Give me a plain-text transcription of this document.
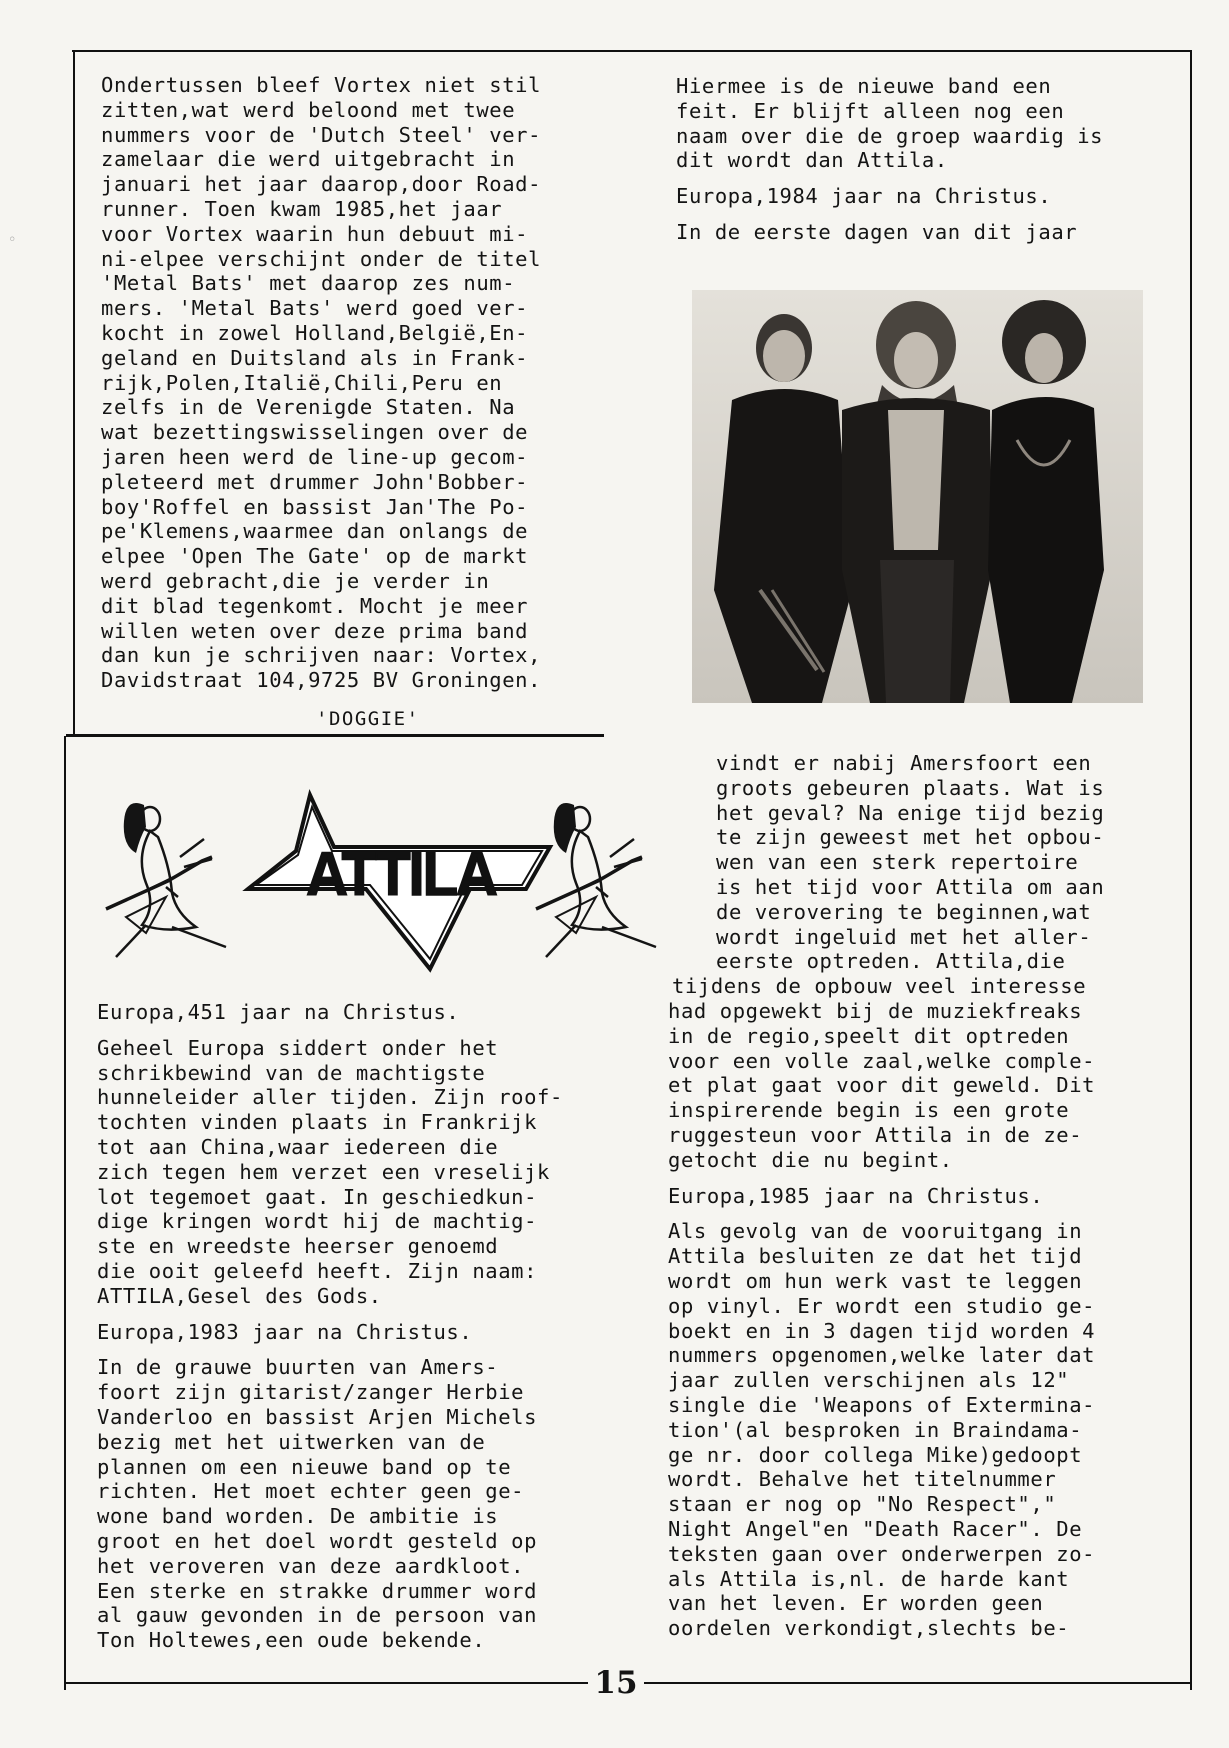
◦

Ondertussen bleef Vortex niet stil

zitten,wat werd beloond met twee

nummers voor de 'Dutch Steel' ver-

zamelaar die werd uitgebracht in

januari het jaar daarop,door Road-

runner. Toen kwam 1985,het jaar

voor Vortex waarin hun debuut mi-

ni-elpee verschijnt onder de titel

'Metal Bats' met daarop zes num-

mers. 'Metal Bats' werd goed ver-

kocht in zowel Holland,België,En-

geland en Duitsland als in Frank-

rijk,Polen,Italië,Chili,Peru en

zelfs in de Verenigde Staten. Na

wat bezettingswisselingen over de

jaren heen werd de line-up gecom-

pleteerd met drummer John'Bobber-

boy'Roffel en bassist Jan'The Po-

pe'Klemens,waarmee dan onlangs de

elpee 'Open The Gate' op de markt

werd gebracht,die je verder in

dit blad tegenkomt. Mocht je meer

willen weten over deze prima band

dan kun je schrijven naar: Vortex,

Davidstraat 104,9725 BV Groningen.

'DOGGIE'

Hiermee is de nieuwe band een

feit. Er blijft alleen nog een

naam over die de groep waardig is

dit wordt dan Attila.

Europa,1984 jaar na Christus.

In de eerste dagen van dit jaar

ATTILA

Europa,451 jaar na Christus.

Geheel Europa siddert onder het

schrikbewind van de machtigste

hunneleider aller tijden. Zijn roof-

tochten vinden plaats in Frankrijk

tot aan China,waar iedereen die

zich tegen hem verzet een vreselijk

lot tegemoet gaat. In geschiedkun-

dige kringen wordt hij de machtig-

ste en wreedste heerser genoemd

die ooit geleefd heeft. Zijn naam:

ATTILA,Gesel des Gods.

Europa,1983 jaar na Christus.

In de grauwe buurten van Amers-

foort zijn gitarist/zanger Herbie

Vanderloo en bassist Arjen Michels

bezig met het uitwerken van de

plannen om een nieuwe band op te

richten. Het moet echter geen ge-

wone band worden. De ambitie is

groot en het doel wordt gesteld op

het veroveren van deze aardkloot.

Een sterke en strakke drummer word

al gauw gevonden in de persoon van

Ton Holtewes,een oude bekende.

vindt er nabij Amersfoort een

groots gebeuren plaats. Wat is

het geval? Na enige tijd bezig

te zijn geweest met het opbou-

wen van een sterk repertoire

is het tijd voor Attila om aan

de verovering te beginnen,wat

wordt ingeluid met het aller-

eerste optreden. Attila,die

tijdens de opbouw veel interesse

had opgewekt bij de muziekfreaks

in de regio,speelt dit optreden

voor een volle zaal,welke comple-

et plat gaat voor dit geweld. Dit

inspirerende begin is een grote

ruggesteun voor Attila in de ze-

getocht die nu begint.

Europa,1985 jaar na Christus.

Als gevolg van de vooruitgang in

Attila besluiten ze dat het tijd

wordt om hun werk vast te leggen

op vinyl. Er wordt een studio ge-

boekt en in 3 dagen tijd worden 4

nummers opgenomen,welke later dat

jaar zullen verschijnen als 12"

single die 'Weapons of Extermina-

tion'(al besproken in Braindama-

ge nr. door collega Mike)gedoopt

wordt. Behalve het titelnummer

staan er nog op "No Respect","

Night Angel"en "Death Racer". De

teksten gaan over onderwerpen zo-

als Attila is,nl. de harde kant

van het leven. Er worden geen

oordelen verkondigt,slechts be-

15
